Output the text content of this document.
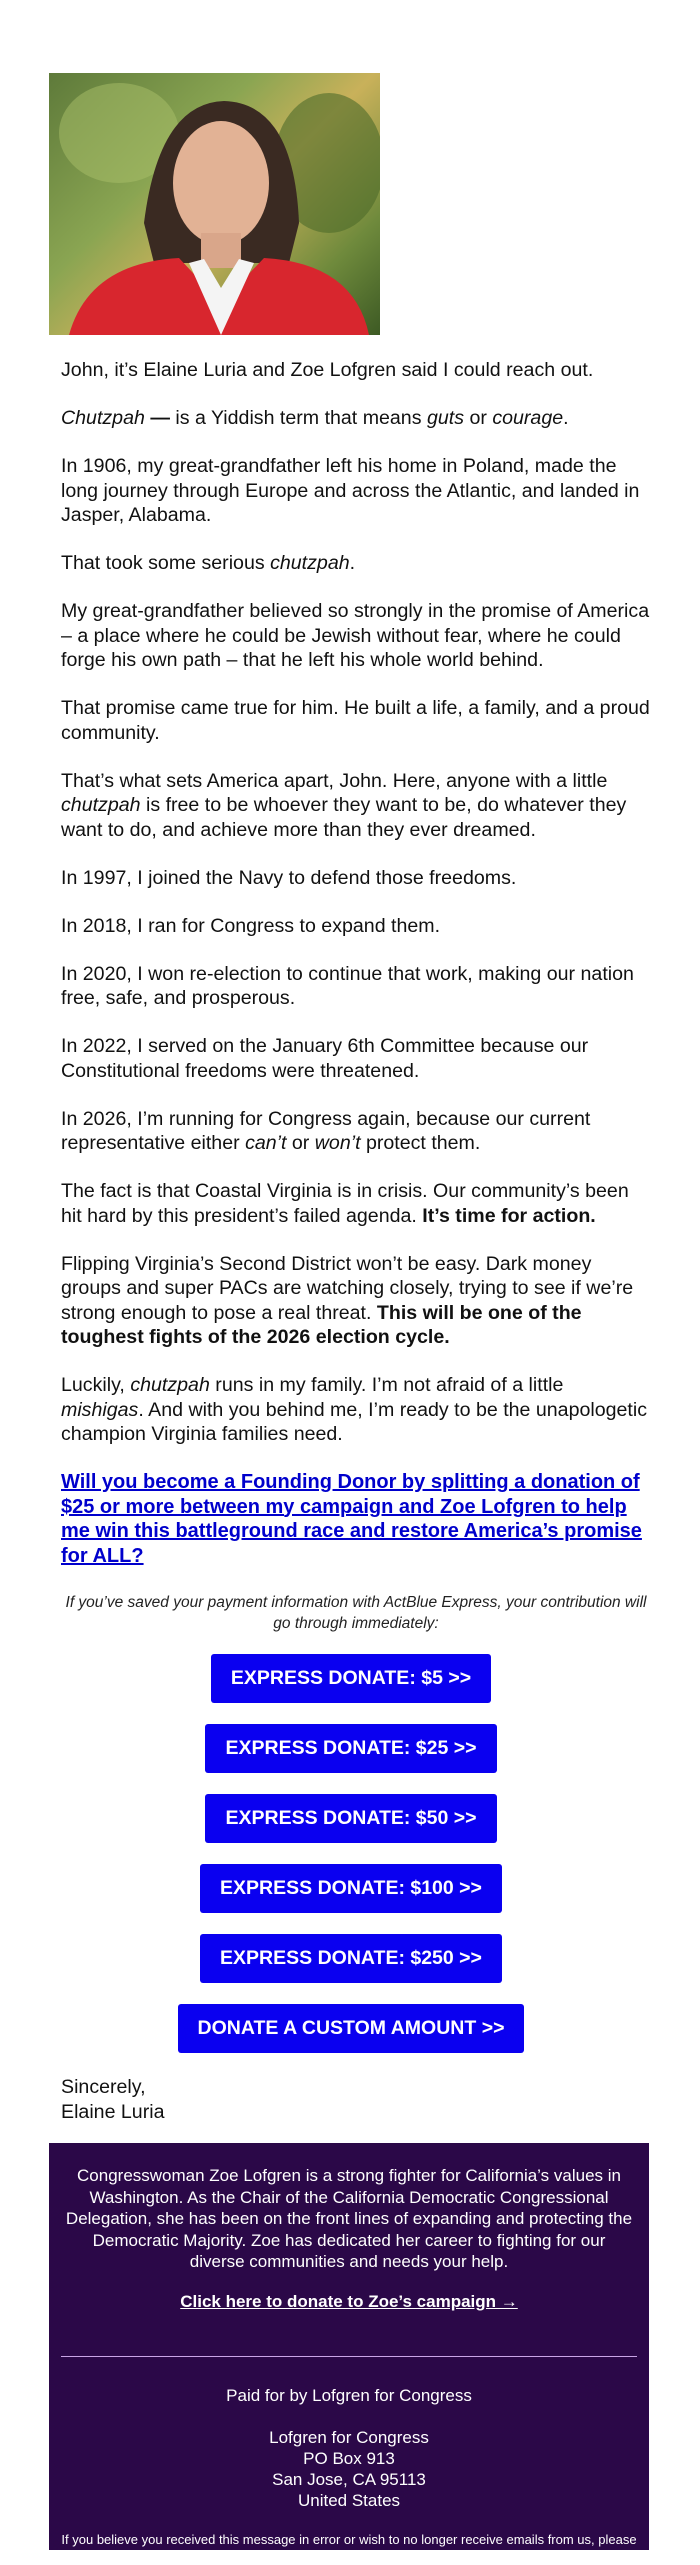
John, it’s Elaine Luria and Zoe Lofgren said I could reach out.

Chutzpah — is a Yiddish term that means guts or courage.

In 1906, my great-grandfather left his home in Poland, made the long journey through Europe and across the Atlantic, and landed in Jasper, Alabama.

That took some serious chutzpah.

My great-grandfather believed so strongly in the promise of America – a place where he could be Jewish without fear, where he could forge his own path – that he left his whole world behind.

That promise came true for him. He built a life, a family, and a proud community.

That’s what sets America apart, John. Here, anyone with a little chutzpah is free to be whoever they want to be, do whatever they want to do, and achieve more than they ever dreamed.

In 1997, I joined the Navy to defend those freedoms.

In 2018, I ran for Congress to expand them.

In 2020, I won re-election to continue that work, making our nation free, safe, and prosperous.

In 2022, I served on the January 6th Committee because our Constitutional freedoms were threatened.

In 2026, I’m running for Congress again, because our current representative either can’t or won’t protect them.

The fact is that Coastal Virginia is in crisis. Our community’s been hit hard by this president’s failed agenda. It’s time for action.

Flipping Virginia’s Second District won’t be easy. Dark money groups and super PACs are watching closely, trying to see if we’re strong enough to pose a real threat. This will be one of the toughest fights of the 2026 election cycle.

Luckily, chutzpah runs in my family. I’m not afraid of a little mishigas. And with you behind me, I’m ready to be the unapologetic champion Virginia families need.

Will you become a Founding Donor by splitting a donation of $25 or more between my campaign and Zoe Lofgren to help me win this battleground race and restore America’s promise for ALL?

If you’ve saved your payment information with ActBlue Express, your contribution will go through immediately:

EXPRESS DONATE: $5 >>
EXPRESS DONATE: $25 >>
EXPRESS DONATE: $50 >>
EXPRESS DONATE: $100 >>
EXPRESS DONATE: $250 >>
DONATE A CUSTOM AMOUNT >>
Sincerely,
Elaine Luria
Congresswoman Zoe Lofgren is a strong fighter for California’s values in Washington. As the Chair of the California Democratic Congressional Delegation, she has been on the front lines of expanding and protecting the Democratic Majority. Zoe has dedicated her career to fighting for our diverse communities and needs your help.
Click here to donate to Zoe’s campaign →
Paid for by Lofgren for Congress
Lofgren for Congress
PO Box 913
San Jose, CA 95113
United States
If you believe you received this message in error or wish to no longer receive emails from us, please unsubscribe.
